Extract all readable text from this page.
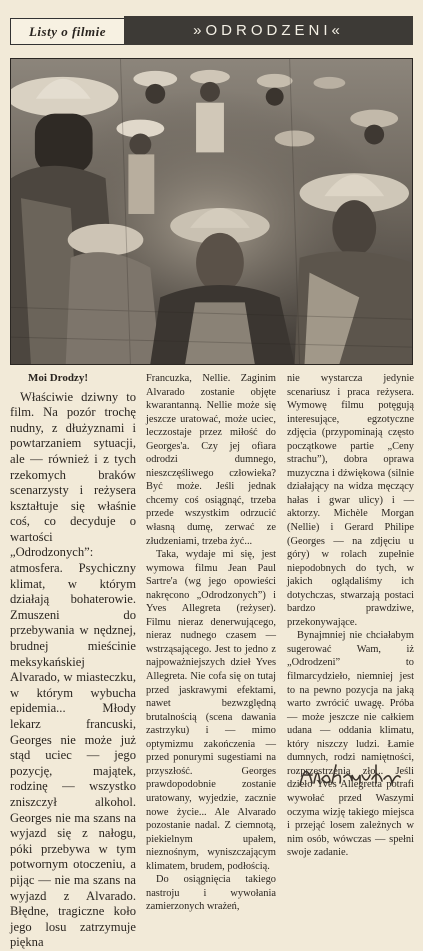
Listy o filmie	»ODRODZENI«

Moi Drodzy!

Właściwie dziwny to film. Na pozór trochę nudny, z dłużyznami i powtarzaniem sytuacji, ale — również i z tych rzekomych braków scenarzysty i reżysera kształtuje się właśnie coś, co decyduje o wartości „Odrodzonych”: atmosfera. Psychiczny klimat, w którym działają bohaterowie. Zmuszeni do przebywania w nędznej, brudnej mieścinie meksykańskiej Alvarado, w miasteczku, w którym wybucha epidemia... Młody lekarz francuski, Georges nie może już stąd uciec — jego pozycję, majątek, rodzinę — wszystko zniszczył alkohol. Georges nie ma szans na wyjazd się z nałogu, póki przebywa w tym potwornym otoczeniu, a pijąc — nie ma szans na wyjazd z Alvarado. Błędne, tragiczne koło jego losu zatrzymuje piękna

Francuzka, Nellie. Zaginim Alvarado zostanie objęte kwarantanną. Nellie może się jeszcze uratować, może uciec, leczzostaje przez miłość do Georges'a. Czy jej ofiara odrodzi dumnego, nieszczęśliwego człowieka? Być może. Jeśli jednak chcemy coś osiągnąć, trzeba przede wszystkim odrzucić własną dumę, zerwać ze złudzeniami, trzeba żyć...

Taka, wydaje mi się, jest wymowa filmu Jean Paul Sartre'a (wg jego opowieści nakręcono „Odrodzonych”) i Yves Allegreta (reżyser). Filmu nieraz denerwującego, nieraz nudnego czasem — wstrząsającego. Jest to jedno z najpoważniejszych dzieł Yves Allegreta. Nie cofa się on tutaj przed jaskrawymi efektami, nawet bezwzględną brutalnością (scena dawania zastrzyku) i — mimo optymizmu zakończenia — przed ponurymi sugestiami na przyszłość. Georges prawdopodobnie zostanie uratowany, wyjedzie, zacznie nowe życie... Ale Alvarado pozostanie nadal. Z ciemnotą, piekielnym upałem, nieznośnym, wyniszczającym klimatem, brudem, podłością.

Do osiągnięcia takiego nastroju i wywołania zamierzonych wrażeń,

nie wystarcza jedynie scenariusz i praca reżysera. Wymowę filmu potęgują interesujące, egzotyczne zdjęcia (przypominają często początkowe partie „Ceny strachu”), dobra oprawa muzyczna i dźwiękowa (silnie działający na widza męczący hałas i gwar ulicy) i — aktorzy. Michèle Morgan (Nellie) i Gerard Philipe (Georges — na zdjęciu u góry) w rolach zupełnie niepodobnych do tych, w jakich oglądaliśmy ich dotychczas, stwarzają postaci bardzo prawdziwe, przekonywające.

Bynajmniej nie chciałabym sugerować Wam, iż „Odrodzeni” to filmarcydzieło, niemniej jest to na pewno pozycja na jaką warto zwrócić uwagę. Próba — może jeszcze nie całkiem udana — oddania klimatu, który niszczy ludzi. Łamie dumnych, rodzi namiętności, rozprzestrzenia zło... Jeśli dzieło Yves Allegretta potrafi wywołać przed Waszymi oczyma wizję takiego miejsca i przejąć losem zależnych w nim osób, wówczas — spełni swoje zadanie.
